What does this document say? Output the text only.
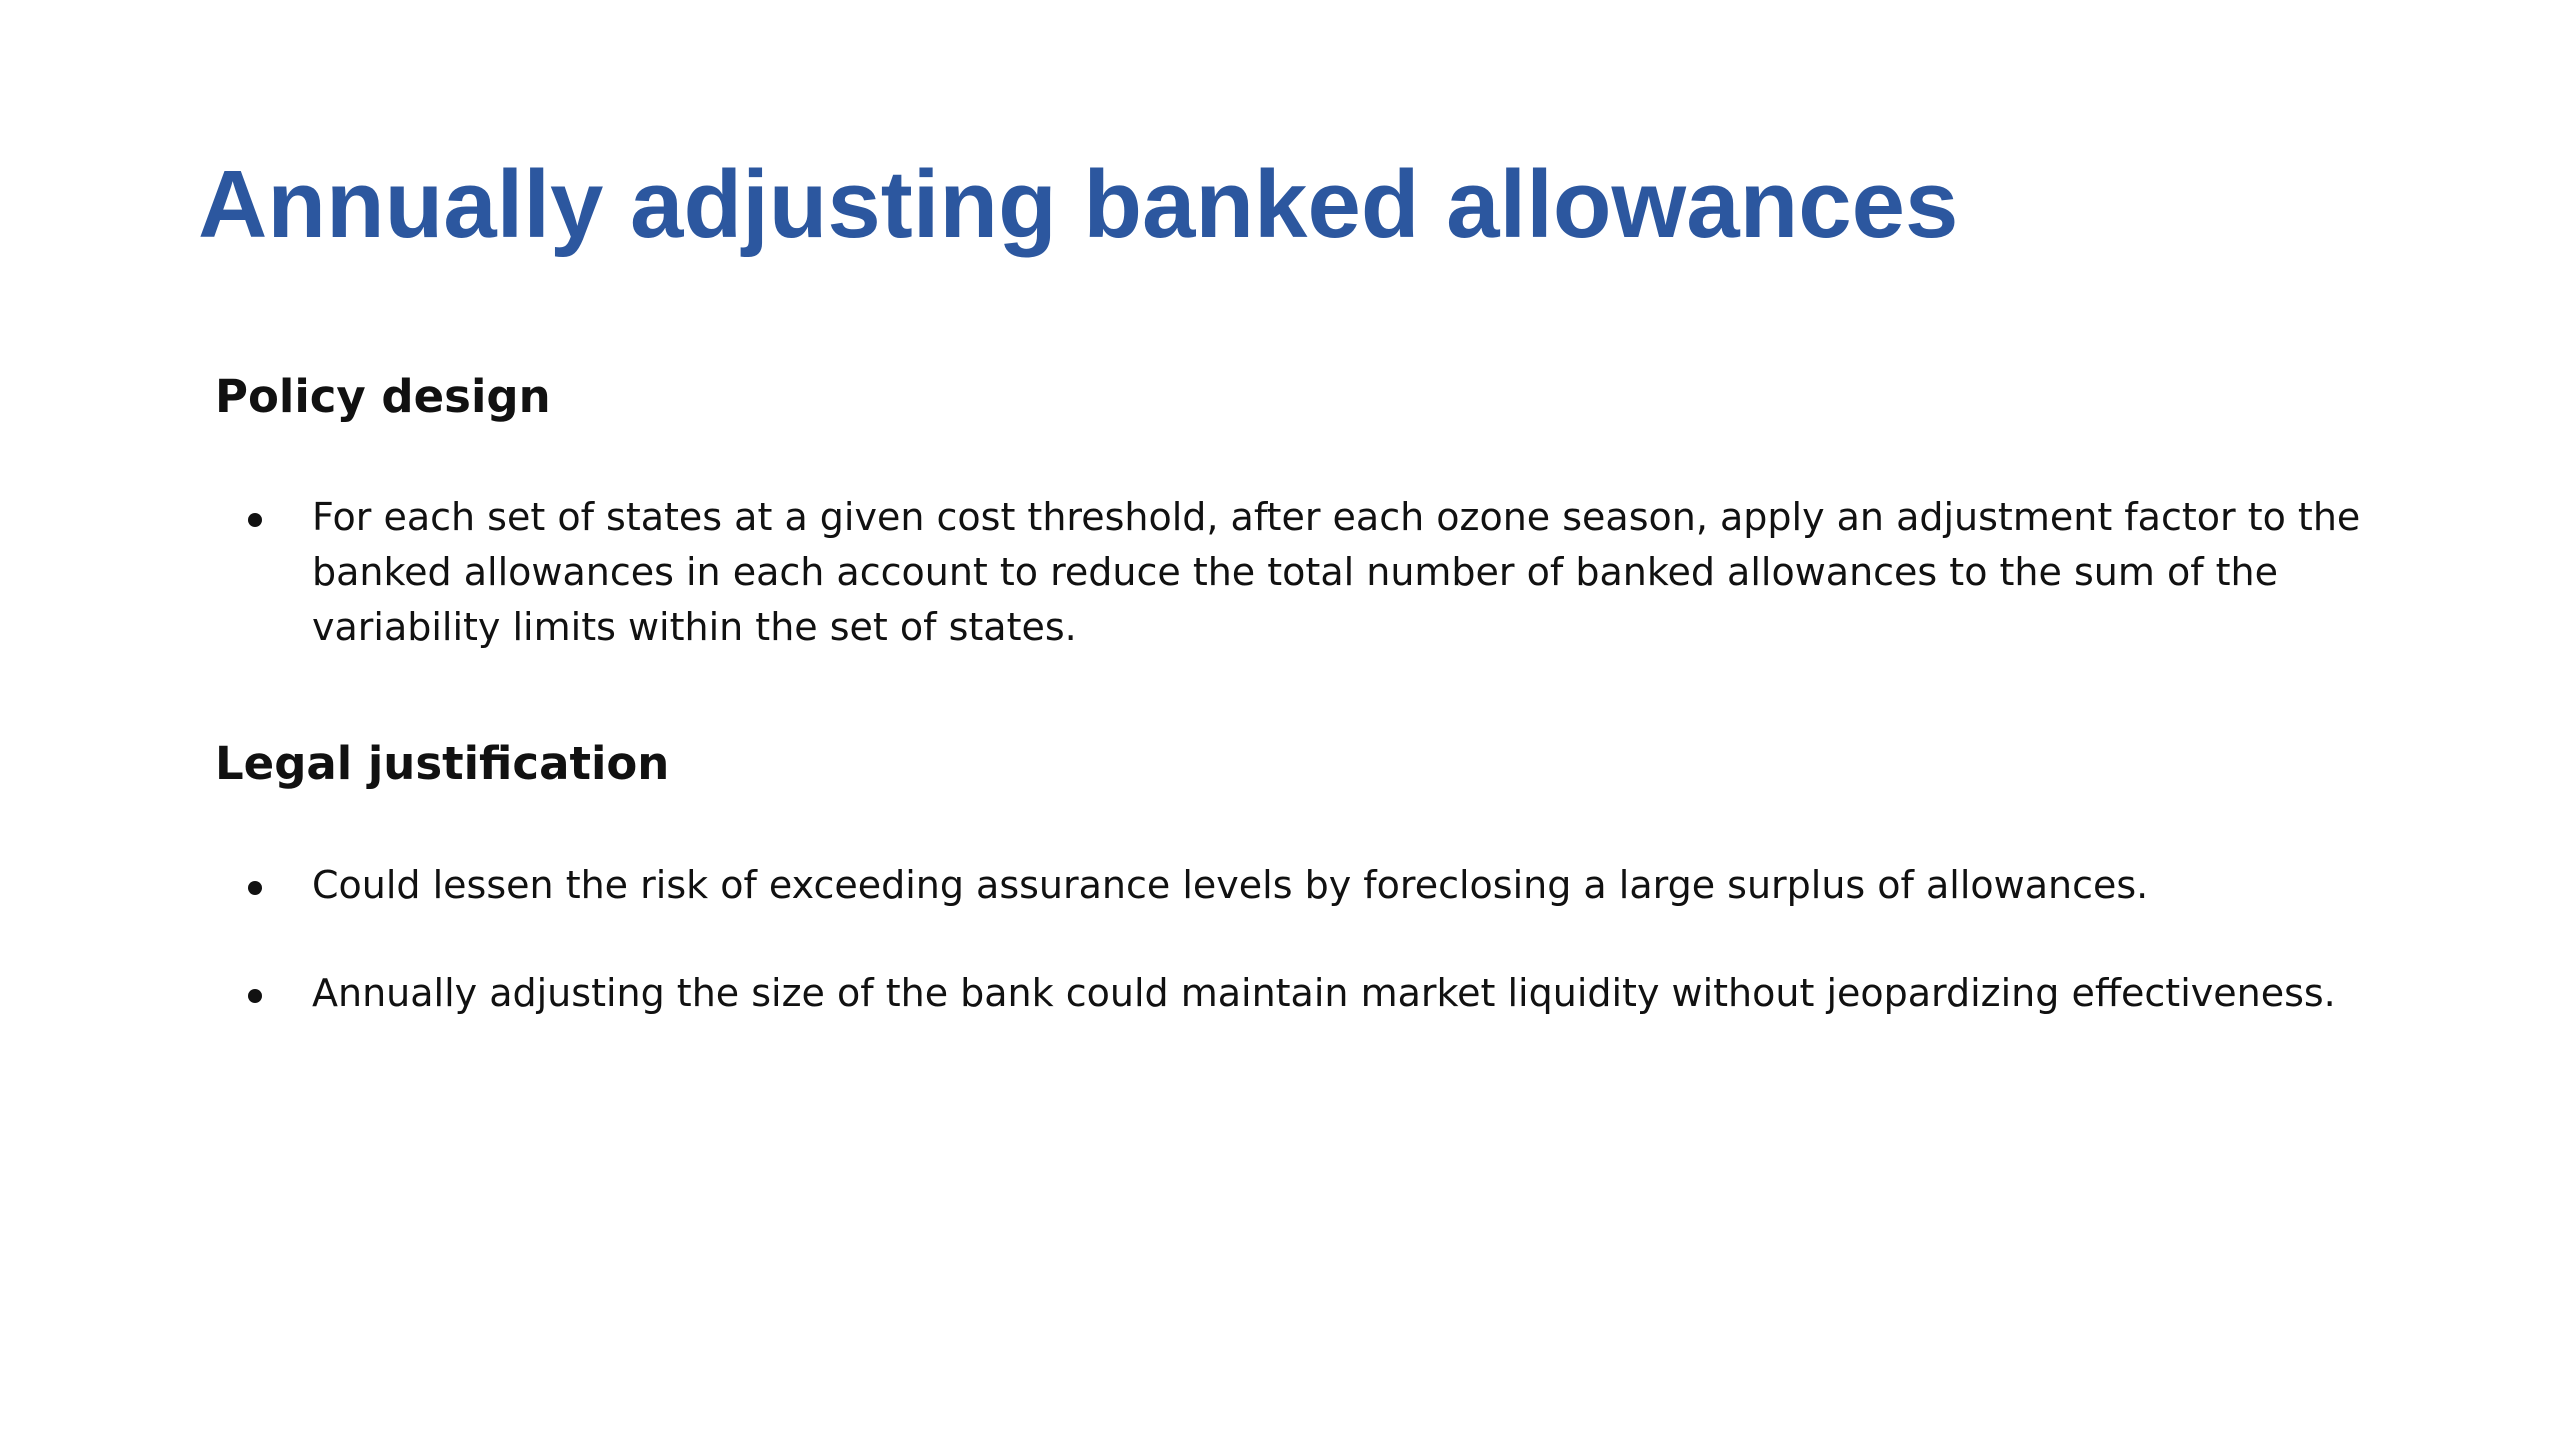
Annually adjusting banked allowances
Policy design
For each set of states at a given cost threshold, after each ozone season, apply an adjustment factor to the banked allowances in each account to reduce the total number of banked allowances to the sum of the variability limits within the set of states.
Legal justification
Could lessen the risk of exceeding assurance levels by foreclosing a large surplus of allowances.
Annually adjusting the size of the bank could maintain market liquidity without jeopardizing effectiveness.
